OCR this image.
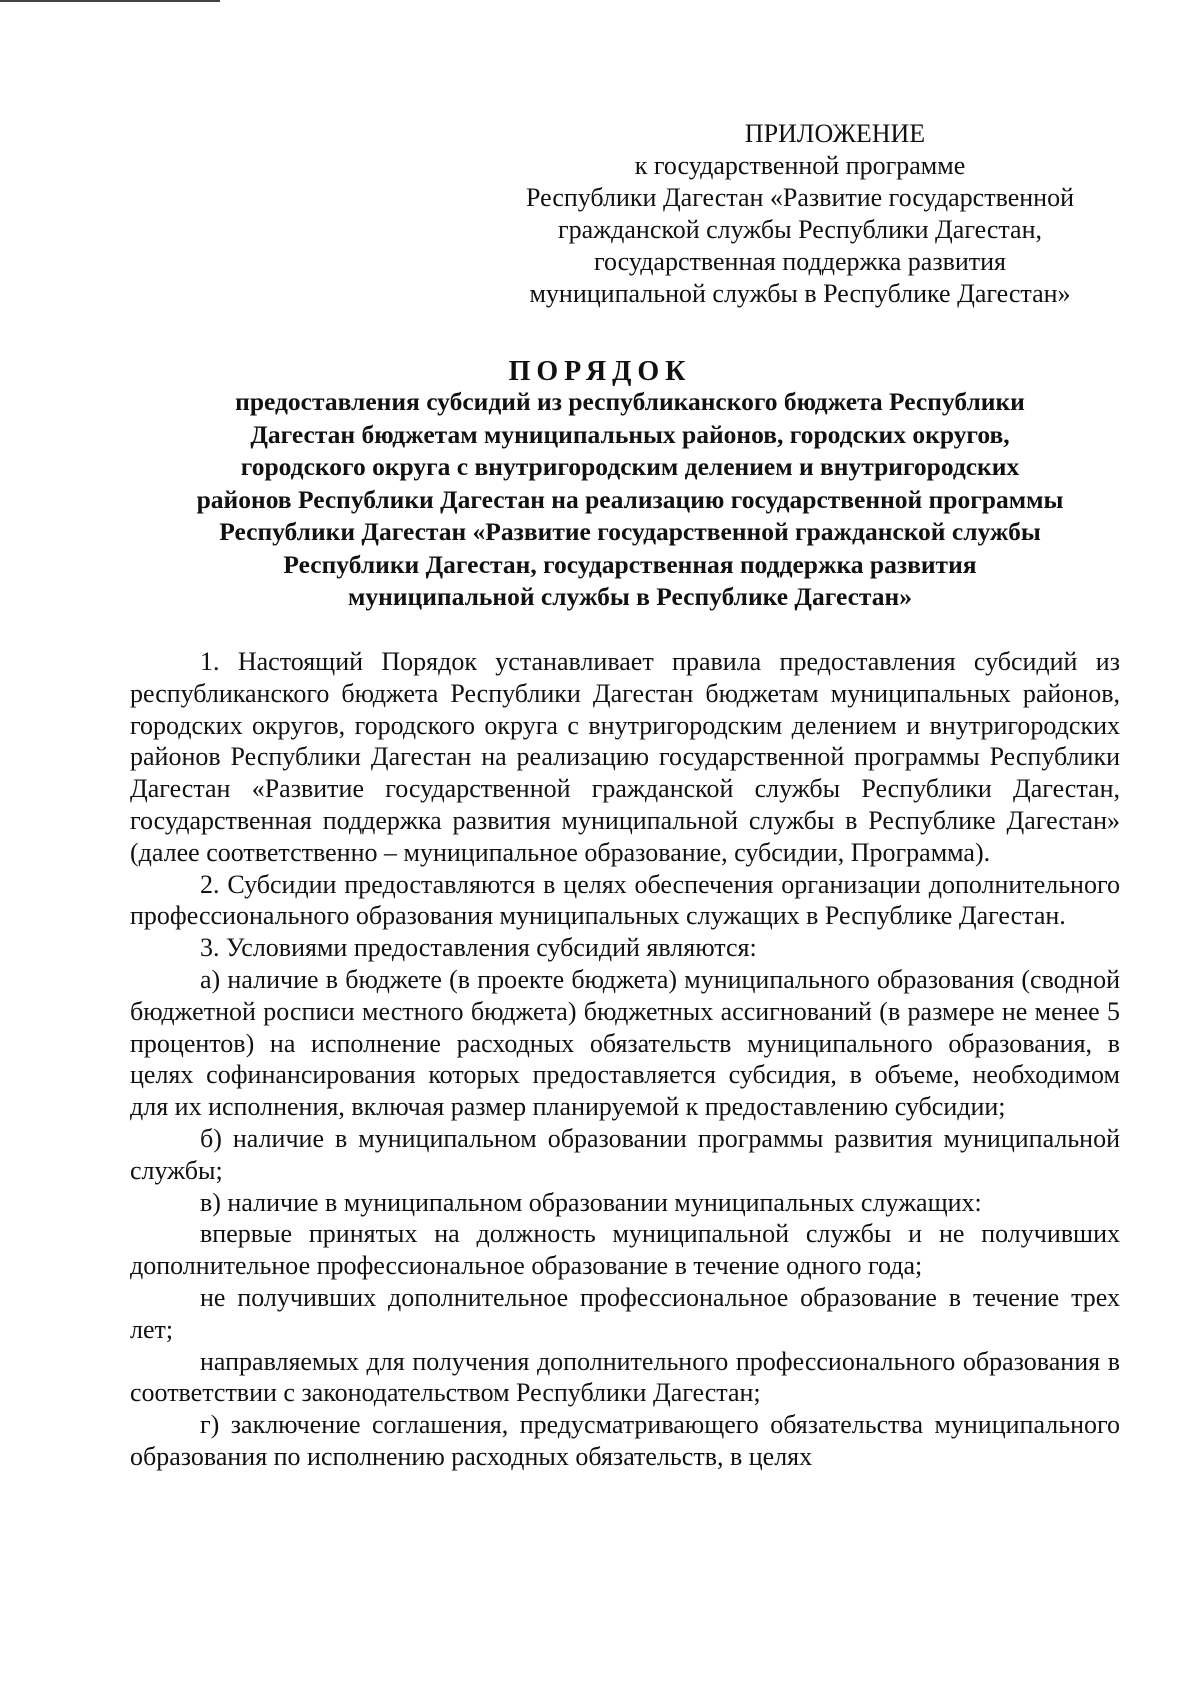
ПРИЛОЖЕНИЕ
к государственной программе
Республики Дагестан «Развитие государственной
гражданской службы Республики Дагестан,
государственная поддержка развития
муниципальной службы в Республике Дагестан»
ПОРЯДОК
предоставления субсидий из республиканского бюджета Республики
Дагестан бюджетам муниципальных районов, городских округов,
городского округа с внутригородским делением и внутригородских
районов Республики Дагестан на реализацию государственной программы
Республики Дагестан «Развитие государственной гражданской службы
Республики Дагестан, государственная поддержка развития
муниципальной службы в Республике Дагестан»

1. Настоящий Порядок устанавливает правила предоставления субсидий из республиканского бюджета Республики Дагестан бюджетам муниципальных районов, городских округов, городского округа с внутригородским делением и внутригородских районов Республики Дагестан на реализацию государственной программы Республики Дагестан «Развитие государственной гражданской службы Республики Дагестан, государственная поддержка развития муниципальной службы в Республике Дагестан» (далее соответственно – муниципальное образование, субсидии, Программа).

2. Субсидии предоставляются в целях обеспечения организации дополнительного профессионального образования муниципальных служащих в Республике Дагестан.

3. Условиями предоставления субсидий являются:

а) наличие в бюджете (в проекте бюджета) муниципального образования (сводной бюджетной росписи местного бюджета) бюджетных ассигнований (в размере не менее 5 процентов) на исполнение расходных обязательств муниципального образования, в целях софинансирования которых предоставляется субсидия, в объеме, необходимом для их исполнения, включая размер планируемой к предоставлению субсидии;

б) наличие в муниципальном образовании программы развития муниципальной службы;

в) наличие в муниципальном образовании муниципальных служащих:

впервые принятых на должность муниципальной службы и не получивших дополнительное профессиональное образование в течение одного года;

не получивших дополнительное профессиональное образование в течение трех лет;

направляемых для получения дополнительного профессионального образования в соответствии с законодательством Республики Дагестан;

г) заключение соглашения, предусматривающего обязательства муниципального образования по исполнению расходных обязательств, в целях
